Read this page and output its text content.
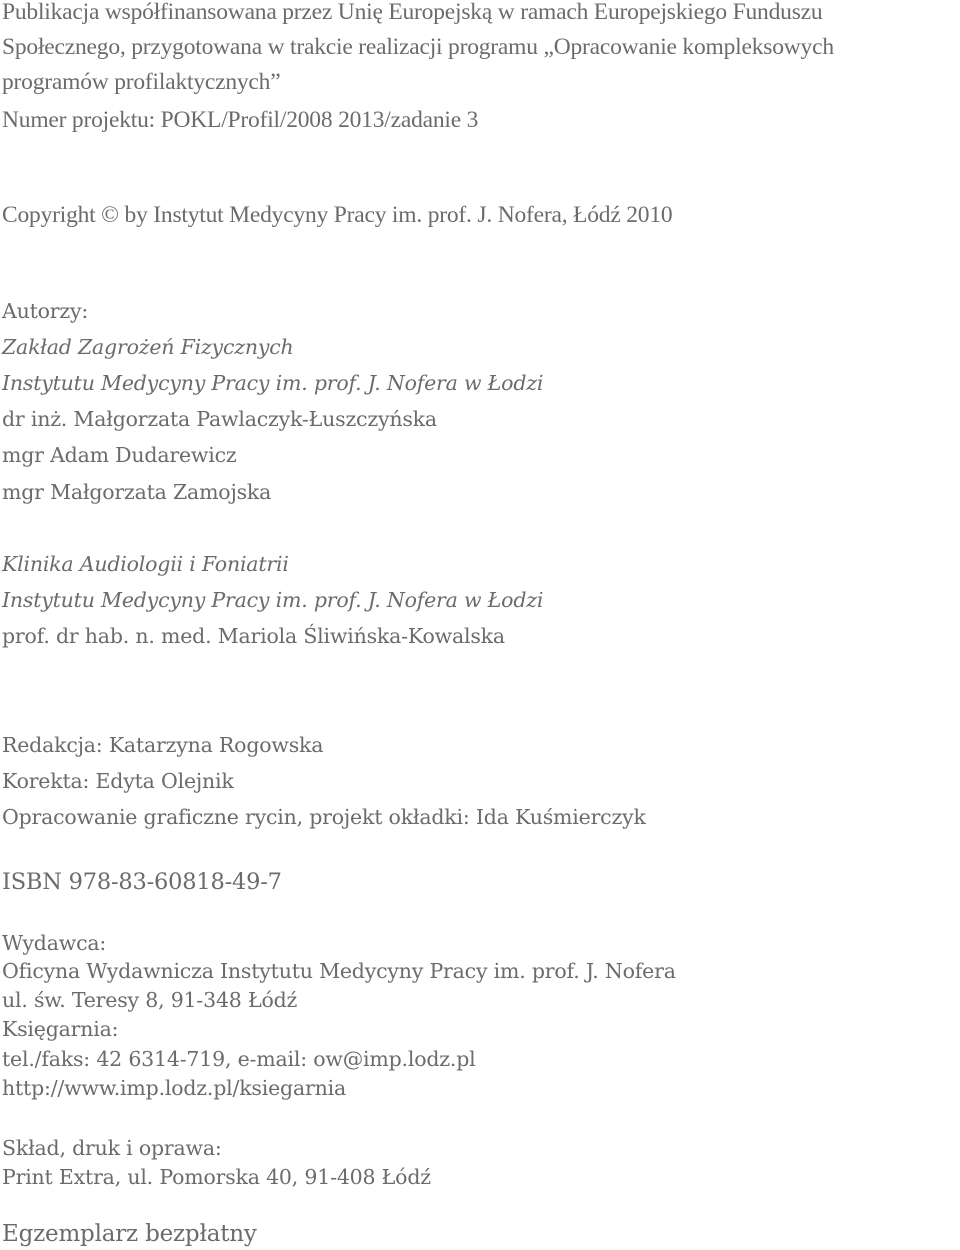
Publikacja współfinansowana przez Unię Europejską w ramach Europejskiego Funduszu

Społecznego, przygotowana w trakcie realizacji programu „Opracowanie kompleksowych

programów profilaktycznych”

Numer projektu: POKL/Profil/2008 2013/zadanie 3

Copyright © by Instytut Medycyny Pracy im. prof. J. Nofera, Łódź 2010

Autorzy:

Zakład Zagrożeń Fizycznych

Instytutu Medycyny Pracy im. prof. J. Nofera w Łodzi

dr inż. Małgorzata Pawlaczyk-Łuszczyńska

mgr Adam Dudarewicz

mgr Małgorzata Zamojska

Klinika Audiologii i Foniatrii

Instytutu Medycyny Pracy im. prof. J. Nofera w Łodzi

prof. dr hab. n. med. Mariola Śliwińska-Kowalska

Redakcja: Katarzyna Rogowska

Korekta: Edyta Olejnik

Opracowanie graficzne rycin, projekt okładki: Ida Kuśmierczyk

ISBN 978-83-60818-49-7

Wydawca:

Oficyna Wydawnicza Instytutu Medycyny Pracy im. prof. J. Nofera

ul. św. Teresy 8, 91-348 Łódź

Księgarnia:

tel./faks: 42 6314-719, e-mail: ow@imp.lodz.pl

http://www.imp.lodz.pl/ksiegarnia

Skład, druk i oprawa:

Print Extra, ul. Pomorska 40, 91-408 Łódź

Egzemplarz bezpłatny
